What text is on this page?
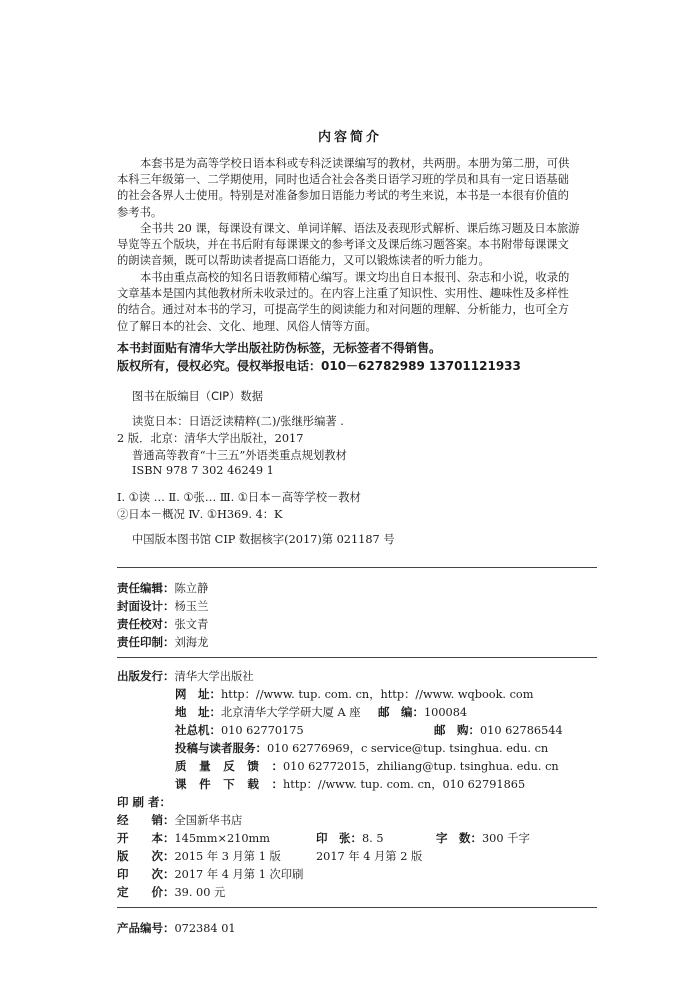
内容简介
本套书是为高等学校日语本科或专科泛读课编写的教材，共两册。本册为第二册，可供
本科三年级第一、二学期使用，同时也适合社会各类日语学习班的学员和具有一定日语基础
的社会各界人士使用。特别是对准备参加日语能力考试的考生来说，本书是一本很有价值的
参考书。
全书共 20 课，每课设有课文、单词详解、语法及表现形式解析、课后练习题及日本旅游
导览等五个版块，并在书后附有每课课文的参考译文及课后练习题答案。本书附带每课课文
的朗读音频，既可以帮助读者提高口语能力，又可以锻炼读者的听力能力。
本书由重点高校的知名日语教师精心编写。课文均出自日本报刊、杂志和小说，收录的
文章基本是国内其他教材所未收录过的。在内容上注重了知识性、实用性、趣味性及多样性
的结合。通过对本书的学习，可提高学生的阅读能力和对问题的理解、分析能力，也可全方
位了解日本的社会、文化、地理、风俗人情等方面。
本书封面贴有清华大学出版社防伪标签，无标签者不得销售。
版权所有，侵权必究。侵权举报电话：010－62782989 13701121933
图书在版编目（CIP）数据
读览日本：日语泛读精粹(二)/张继彤编著 .
2 版．北京：清华大学出版社，2017
普通高等教育“十三五”外语类重点规划教材
ISBN 978 7 302 46249 1
Ⅰ. ①读 … Ⅱ. ①张… Ⅲ. ①日本－高等学校－教材
②日本－概况 Ⅳ. ①H369. 4：K
中国版本图书馆 CIP 数据核字(2017)第 021187 号
责任编辑：陈立静
封面设计：杨玉兰
责任校对：张文青
责任印制：刘海龙
出版发行：清华大学出版社
网　址：http：//www. tup. com. cn，http：//www. wqbook. com
地　址：北京清华大学学研大厦 A 座 邮　编：100084
社总机：010 62770175	邮　购：010 62786544
投稿与读者服务：010 62776969，c service@tup. tsinghua. edu. cn
质量反馈：010 62772015，zhiliang@tup. tsinghua. edu. cn
课件下载：http：//www. tup. com. cn，010 62791865
印 刷 者：
经　　销：全国新华书店
开　　本：145mm×210mm	印　张：8. 5	字　数：300 千字
版　　次：2015 年 3 月第 1 版	2017 年 4 月第 2 版
印　　次：2017 年 4 月第 1 次印刷
定　　价：39. 00 元
产品编号：072384 01
